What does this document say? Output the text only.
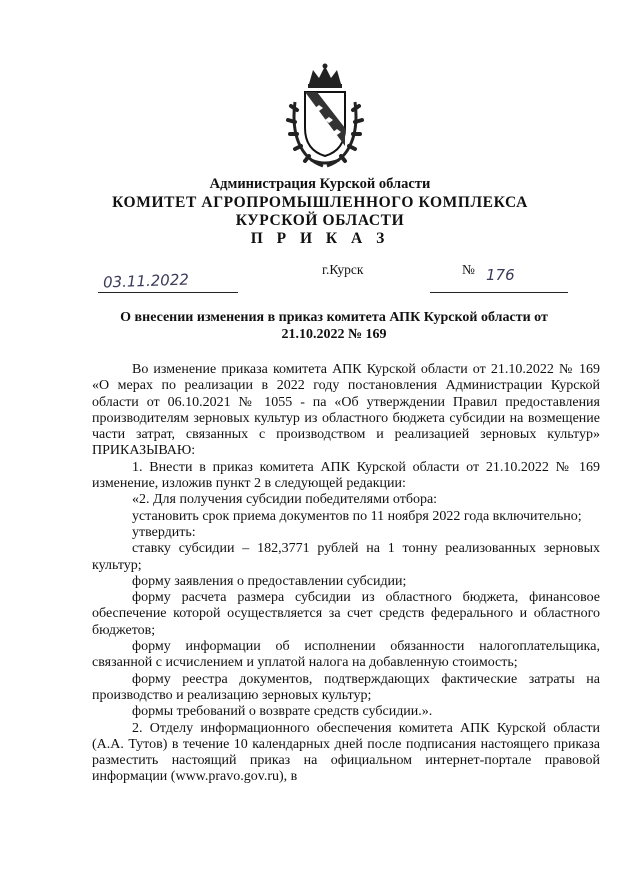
Администрация Курской области

КОМИТЕТ АГРОПРОМЫШЛЕННОГО КОМПЛЕКСА

КУРСКОЙ ОБЛАСТИ

П Р И К А З

03.11.2022
г.Курск	№ 176

О внесении изменения в приказ комитета АПК Курской области от
21.10.2022 № 169

Во изменение приказа комитета АПК Курской области от 21.10.2022 № 169 «О мерах по реализации в 2022 году постановления Администрации Курской области от 06.10.2021 № 1055 - па «Об утверждении Правил предоставления производителям зерновых культур из областного бюджета субсидии на возмещение части затрат, связанных с производством и реализацией зерновых культур» ПРИКАЗЫВАЮ:

1. Внести в приказ комитета АПК Курской области от 21.10.2022 № 169 изменение, изложив пункт 2 в следующей редакции:

«2. Для получения субсидии победителями отбора:

установить срок приема документов по 11 ноября 2022 года включительно;

утвердить:

ставку субсидии – 182,3771 рублей на 1 тонну реализованных зерновых культур;

форму заявления о предоставлении субсидии;

форму расчета размера субсидии из областного бюджета, финансовое обеспечение которой осуществляется за счет средств федерального и областного бюджетов;

форму информации об исполнении обязанности налогоплательщика, связанной с исчислением и уплатой налога на добавленную стоимость;

форму реестра документов, подтверждающих фактические затраты на производство и реализацию зерновых культур;

формы требований о возврате средств субсидии.».

2. Отделу информационного обеспечения комитета АПК Курской области (А.А. Тутов) в течение 10 календарных дней после подписания настоящего приказа разместить настоящий приказ на официальном интернет-портале правовой информации (www.pravo.gov.ru), в
